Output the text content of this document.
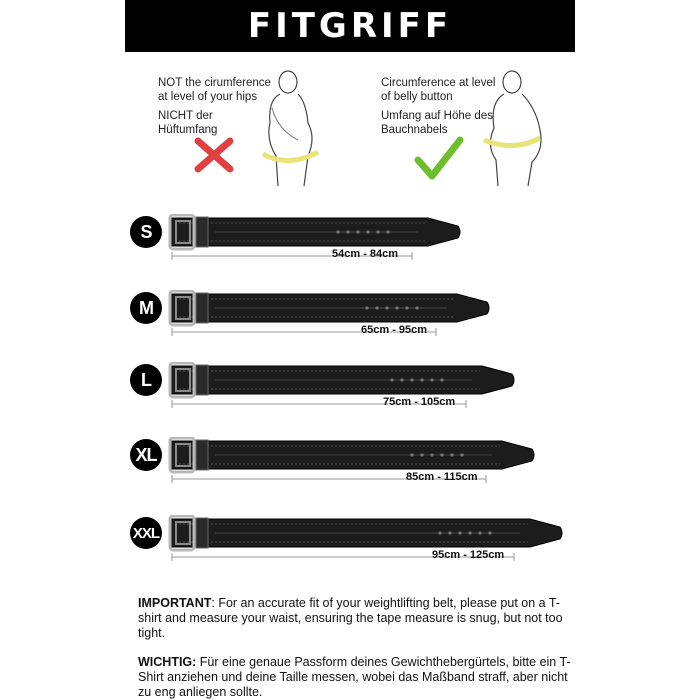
FITGRIFF
NOT the cirumference at level of your hips
NICHT der Hüftumfang
Circumference at level of belly button
Umfang auf Höhe des Bauchnabels
S
54cm - 84cm
M
65cm - 95cm
L
75cm - 105cm
XL
85cm - 115cm
XXL
95cm - 125cm
IMPORTANT: For an accurate fit of your weightlifting belt, please put on a T-shirt and measure your waist, ensuring the tape measure is snug, but not too tight.
WICHTIG: Für eine genaue Passform deines Gewichthebergürtels, bitte ein T-Shirt anziehen und deine Taille messen, wobei das Maßband straff, aber nicht zu eng anliegen sollte.
